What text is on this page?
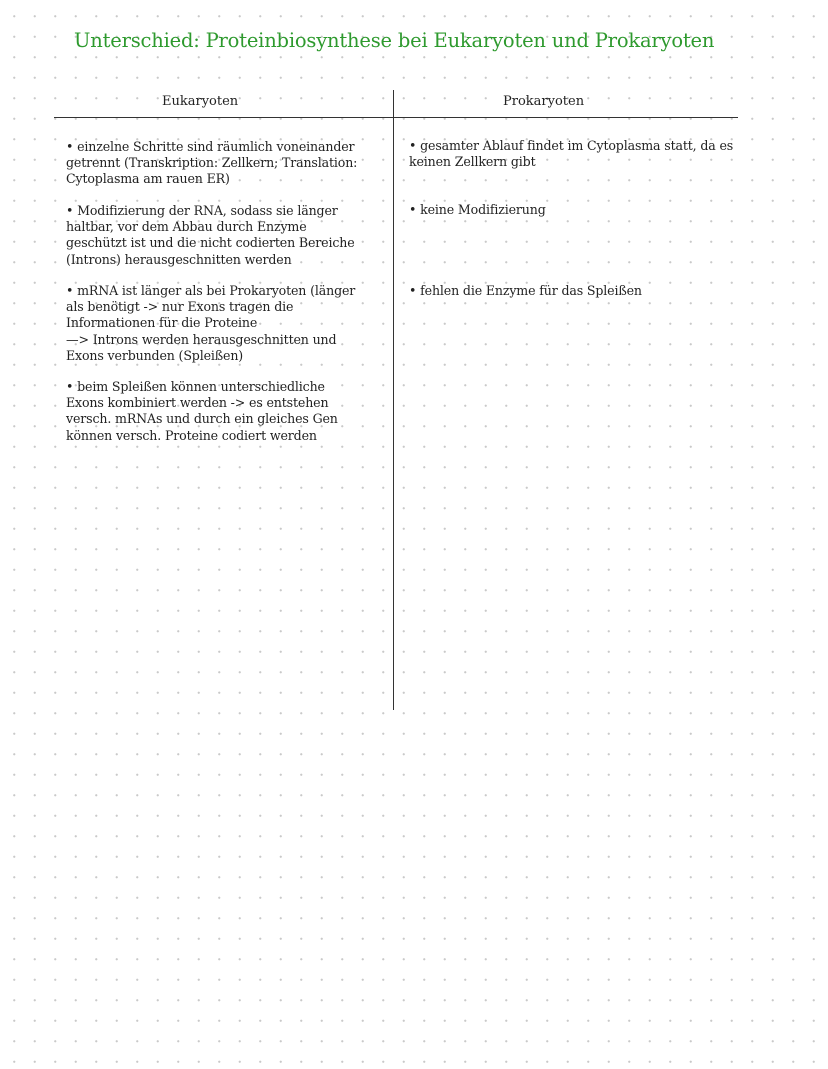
Unterschied: Proteinbiosynthese bei Eukaryoten und Prokaryoten
Eukaryoten	Prokaryoten
• einzelne Schritte sind räumlich voneinander
getrennt (Transkription: Zellkern; Translation:
Cytoplasma am rauen ER)
• Modifizierung der RNA, sodass sie länger
haltbar, vor dem Abbau durch Enzyme
geschützt ist und die nicht codierten Bereiche
(Introns) herausgeschnitten werden
• mRNA ist länger als bei Prokaryoten (länger
als benötigt -> nur Exons tragen die
Informationen für die Proteine
—> Introns werden herausgeschnitten und
Exons verbunden (Spleißen)
• beim Spleißen können unterschiedliche
Exons kombiniert werden -> es entstehen
versch. mRNAs und durch ein gleiches Gen
können versch. Proteine codiert werden
• gesamter Ablauf findet im Cytoplasma statt, da es
keinen Zellkern gibt
• keine Modifizierung
• fehlen die Enzyme für das Spleißen
